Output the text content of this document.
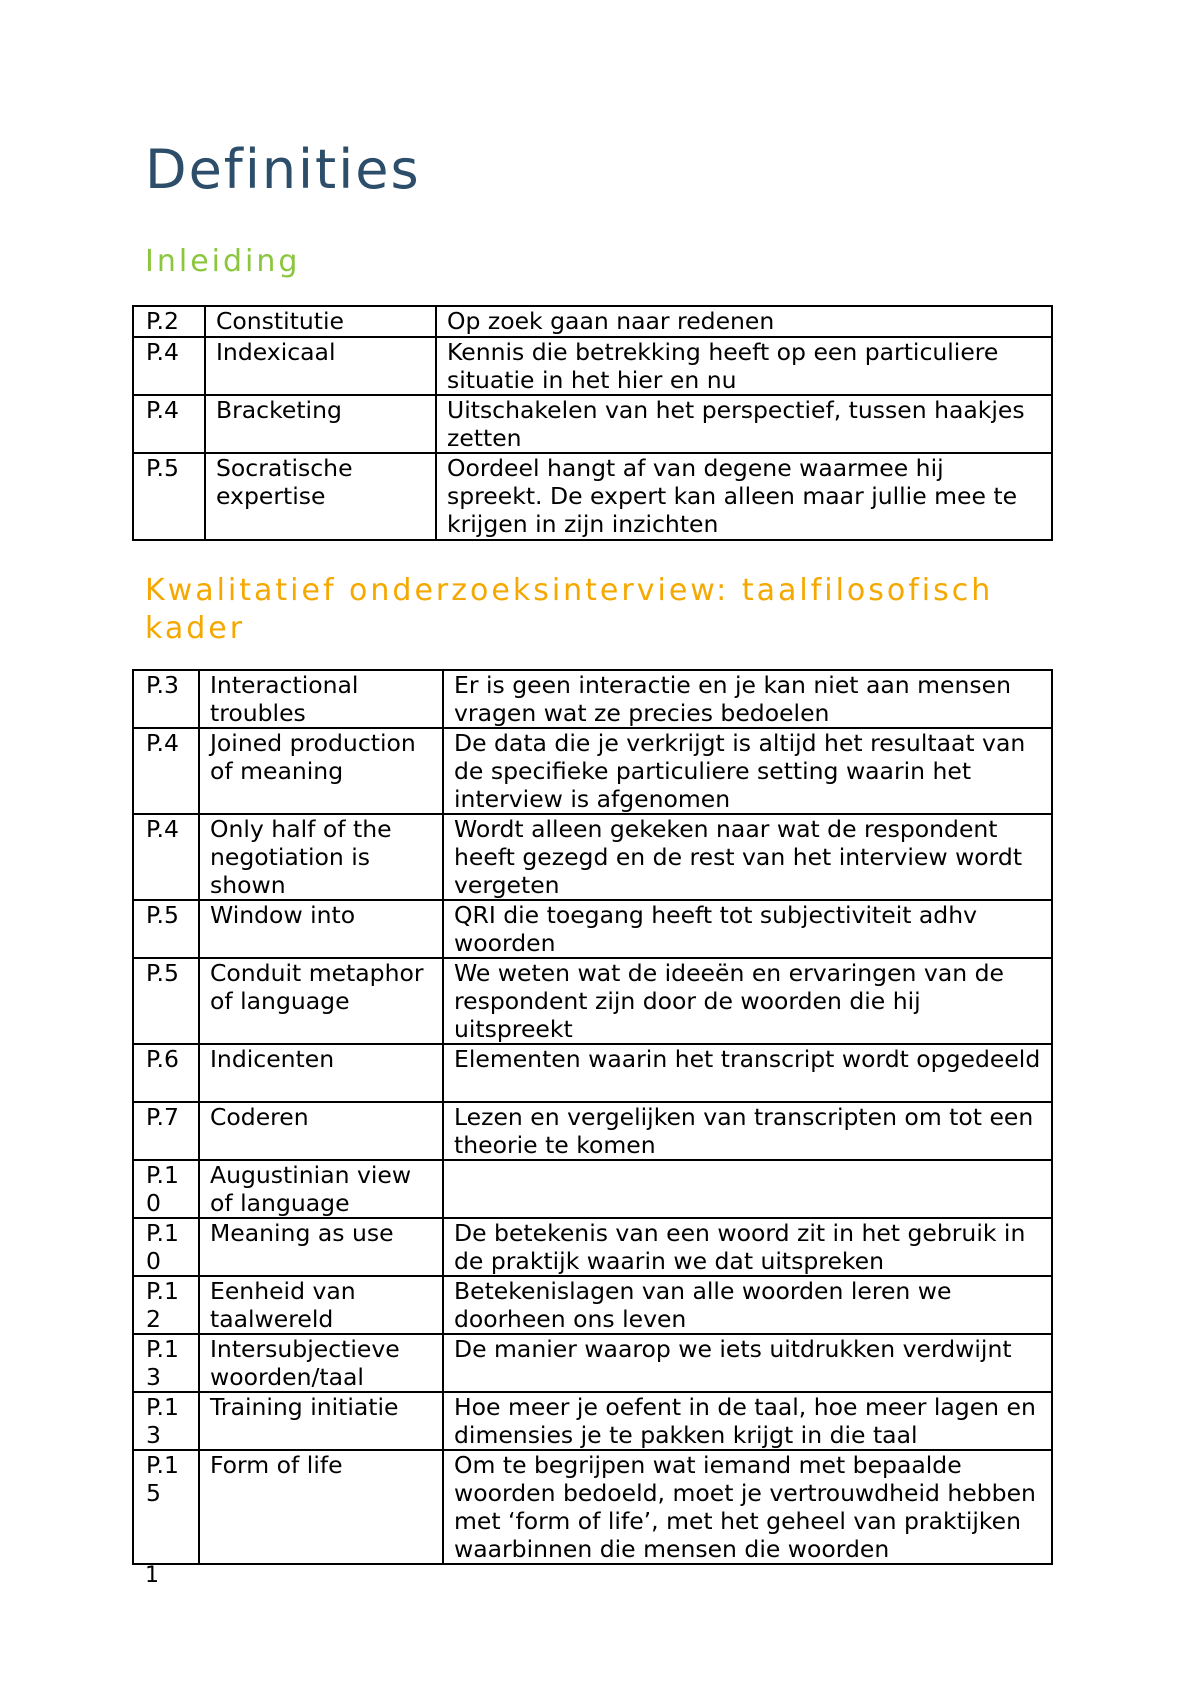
Definities
Inleiding
P.2	Constitutie	Op zoek gaan naar redenen
P.4	Indexicaal	Kennis die betrekking heeft op een particuliere situatie in het hier en nu
P.4	Bracketing	Uitschakelen van het perspectief, tussen haakjes zetten
P.5	Socratische expertise	Oordeel hangt af van degene waarmee hij spreekt. De expert kan alleen maar jullie mee te krijgen in zijn inzichten
Kwalitatief onderzoeksinterview: taalfilosofisch kader
P.3	Interactional troubles	Er is geen interactie en je kan niet aan mensen vragen wat ze precies bedoelen
P.4	Joined production of meaning	De data die je verkrijgt is altijd het resultaat van de specifieke particuliere setting waarin het interview is afgenomen
P.4	Only half of the negotiation is shown	Wordt alleen gekeken naar wat de respondent heeft gezegd en de rest van het interview wordt vergeten
P.5	Window into	QRI die toegang heeft tot subjectiviteit adhv woorden
P.5	Conduit metaphor of language	We weten wat de ideeën en ervaringen van de respondent zijn door de woorden die hij uitspreekt
P.6	Indicenten	Elementen waarin het transcript wordt opgedeeld
P.7	Coderen	Lezen en vergelijken van transcripten om tot een theorie te komen
P.10	Augustinian view of language	
P.10	Meaning as use	De betekenis van een woord zit in het gebruik in de praktijk waarin we dat uitspreken
P.12	Eenheid van taalwereld	Betekenislagen van alle woorden leren we doorheen ons leven
P.13	Intersubjectieve woorden/taal	De manier waarop we iets uitdrukken verdwijnt
P.13	Training initiatie	Hoe meer je oefent in de taal, hoe meer lagen en dimensies je te pakken krijgt in die taal
P.15	Form of life	Om te begrijpen wat iemand met bepaalde woorden bedoeld, moet je vertrouwdheid hebben met ‘form of life’, met het geheel van praktijken waarbinnen die mensen die woorden
1
